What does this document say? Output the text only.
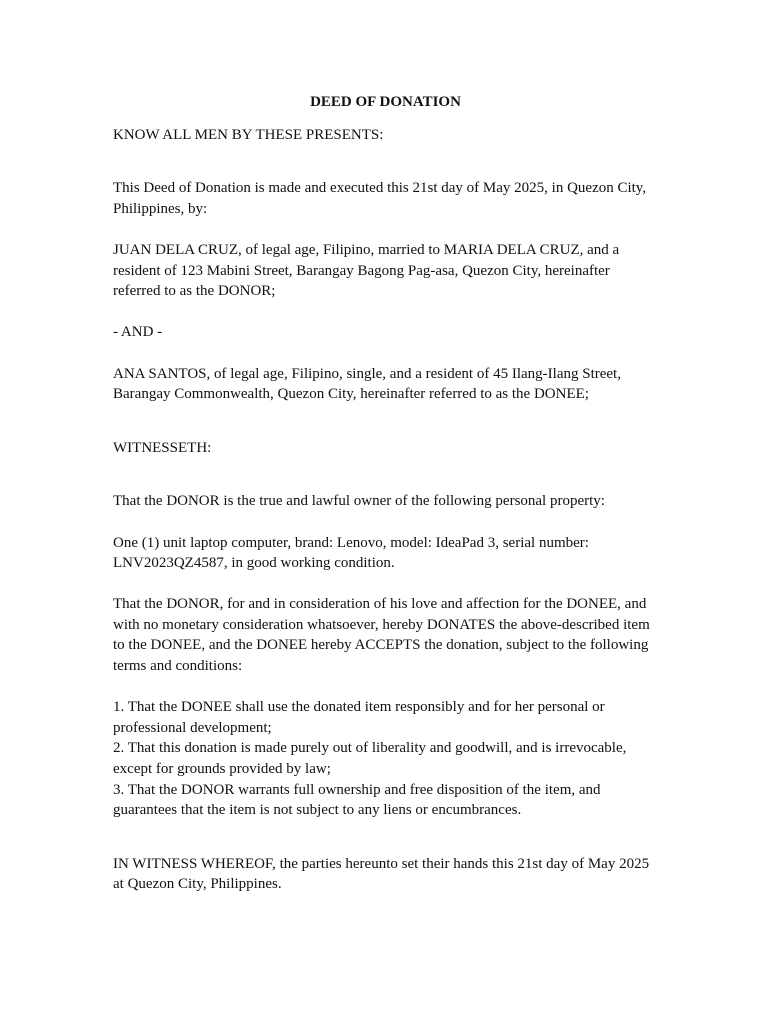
DEED OF DONATION

KNOW ALL MEN BY THESE PRESENTS:

This Deed of Donation is made and executed this 21st day of May 2025, in Quezon City, Philippines, by:

JUAN DELA CRUZ, of legal age, Filipino, married to MARIA DELA CRUZ, and a resident of 123 Mabini Street, Barangay Bagong Pag-asa, Quezon City, hereinafter referred to as the DONOR;

- AND -

ANA SANTOS, of legal age, Filipino, single, and a resident of 45 Ilang-Ilang Street, Barangay Commonwealth, Quezon City, hereinafter referred to as the DONEE;

WITNESSETH:

That the DONOR is the true and lawful owner of the following personal property:

One (1) unit laptop computer, brand: Lenovo, model: IdeaPad 3, serial number: LNV2023QZ4587, in good working condition.

That the DONOR, for and in consideration of his love and affection for the DONEE, and with no monetary consideration whatsoever, hereby DONATES the above-described item to the DONEE, and the DONEE hereby ACCEPTS the donation, subject to the following terms and conditions:

1. That the DONEE shall use the donated item responsibly and for her personal or professional development;

2. That this donation is made purely out of liberality and goodwill, and is irrevocable, except for grounds provided by law;

3. That the DONOR warrants full ownership and free disposition of the item, and guarantees that the item is not subject to any liens or encumbrances.

IN WITNESS WHEREOF, the parties hereunto set their hands this 21st day of May 2025 at Quezon City, Philippines.
